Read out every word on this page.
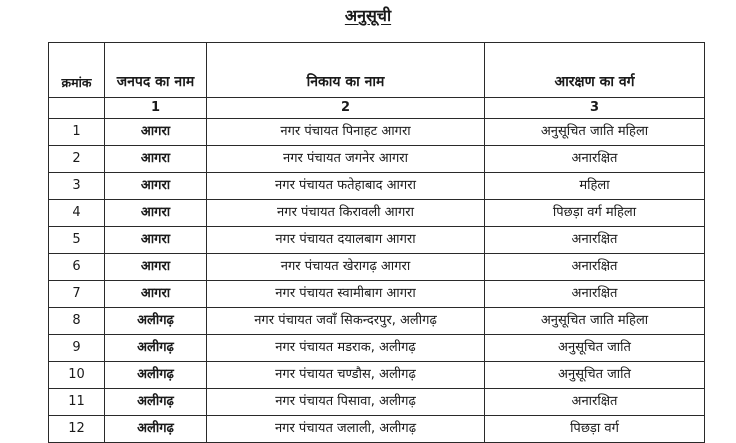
अनुसूची
क्रमांक	जनपद का नाम	निकाय का नाम	आरक्षण का वर्ग
	1	2	3
1	आगरा	नगर पंचायत पिनाहट आगरा	अनुसूचित जाति महिला
2	आगरा	नगर पंचायत जगनेर आगरा	अनारक्षित
3	आगरा	नगर पंचायत फतेहाबाद आगरा	महिला
4	आगरा	नगर पंचायत किरावली आगरा	पिछड़ा वर्ग महिला
5	आगरा	नगर पंचायत दयालबाग आगरा	अनारक्षित
6	आगरा	नगर पंचायत खेरागढ़ आगरा	अनारक्षित
7	आगरा	नगर पंचायत स्वामीबाग आगरा	अनारक्षित
8	अलीगढ़	नगर पंचायत जवाँ सिकन्दरपुर, अलीगढ़	अनुसूचित जाति महिला
9	अलीगढ़	नगर पंचायत मडराक, अलीगढ़	अनुसूचित जाति
10	अलीगढ़	नगर पंचायत चण्डौस, अलीगढ़	अनुसूचित जाति
11	अलीगढ़	नगर पंचायत पिसावा, अलीगढ़	अनारक्षित
12	अलीगढ़	नगर पंचायत जलाली, अलीगढ़	पिछड़ा वर्ग
